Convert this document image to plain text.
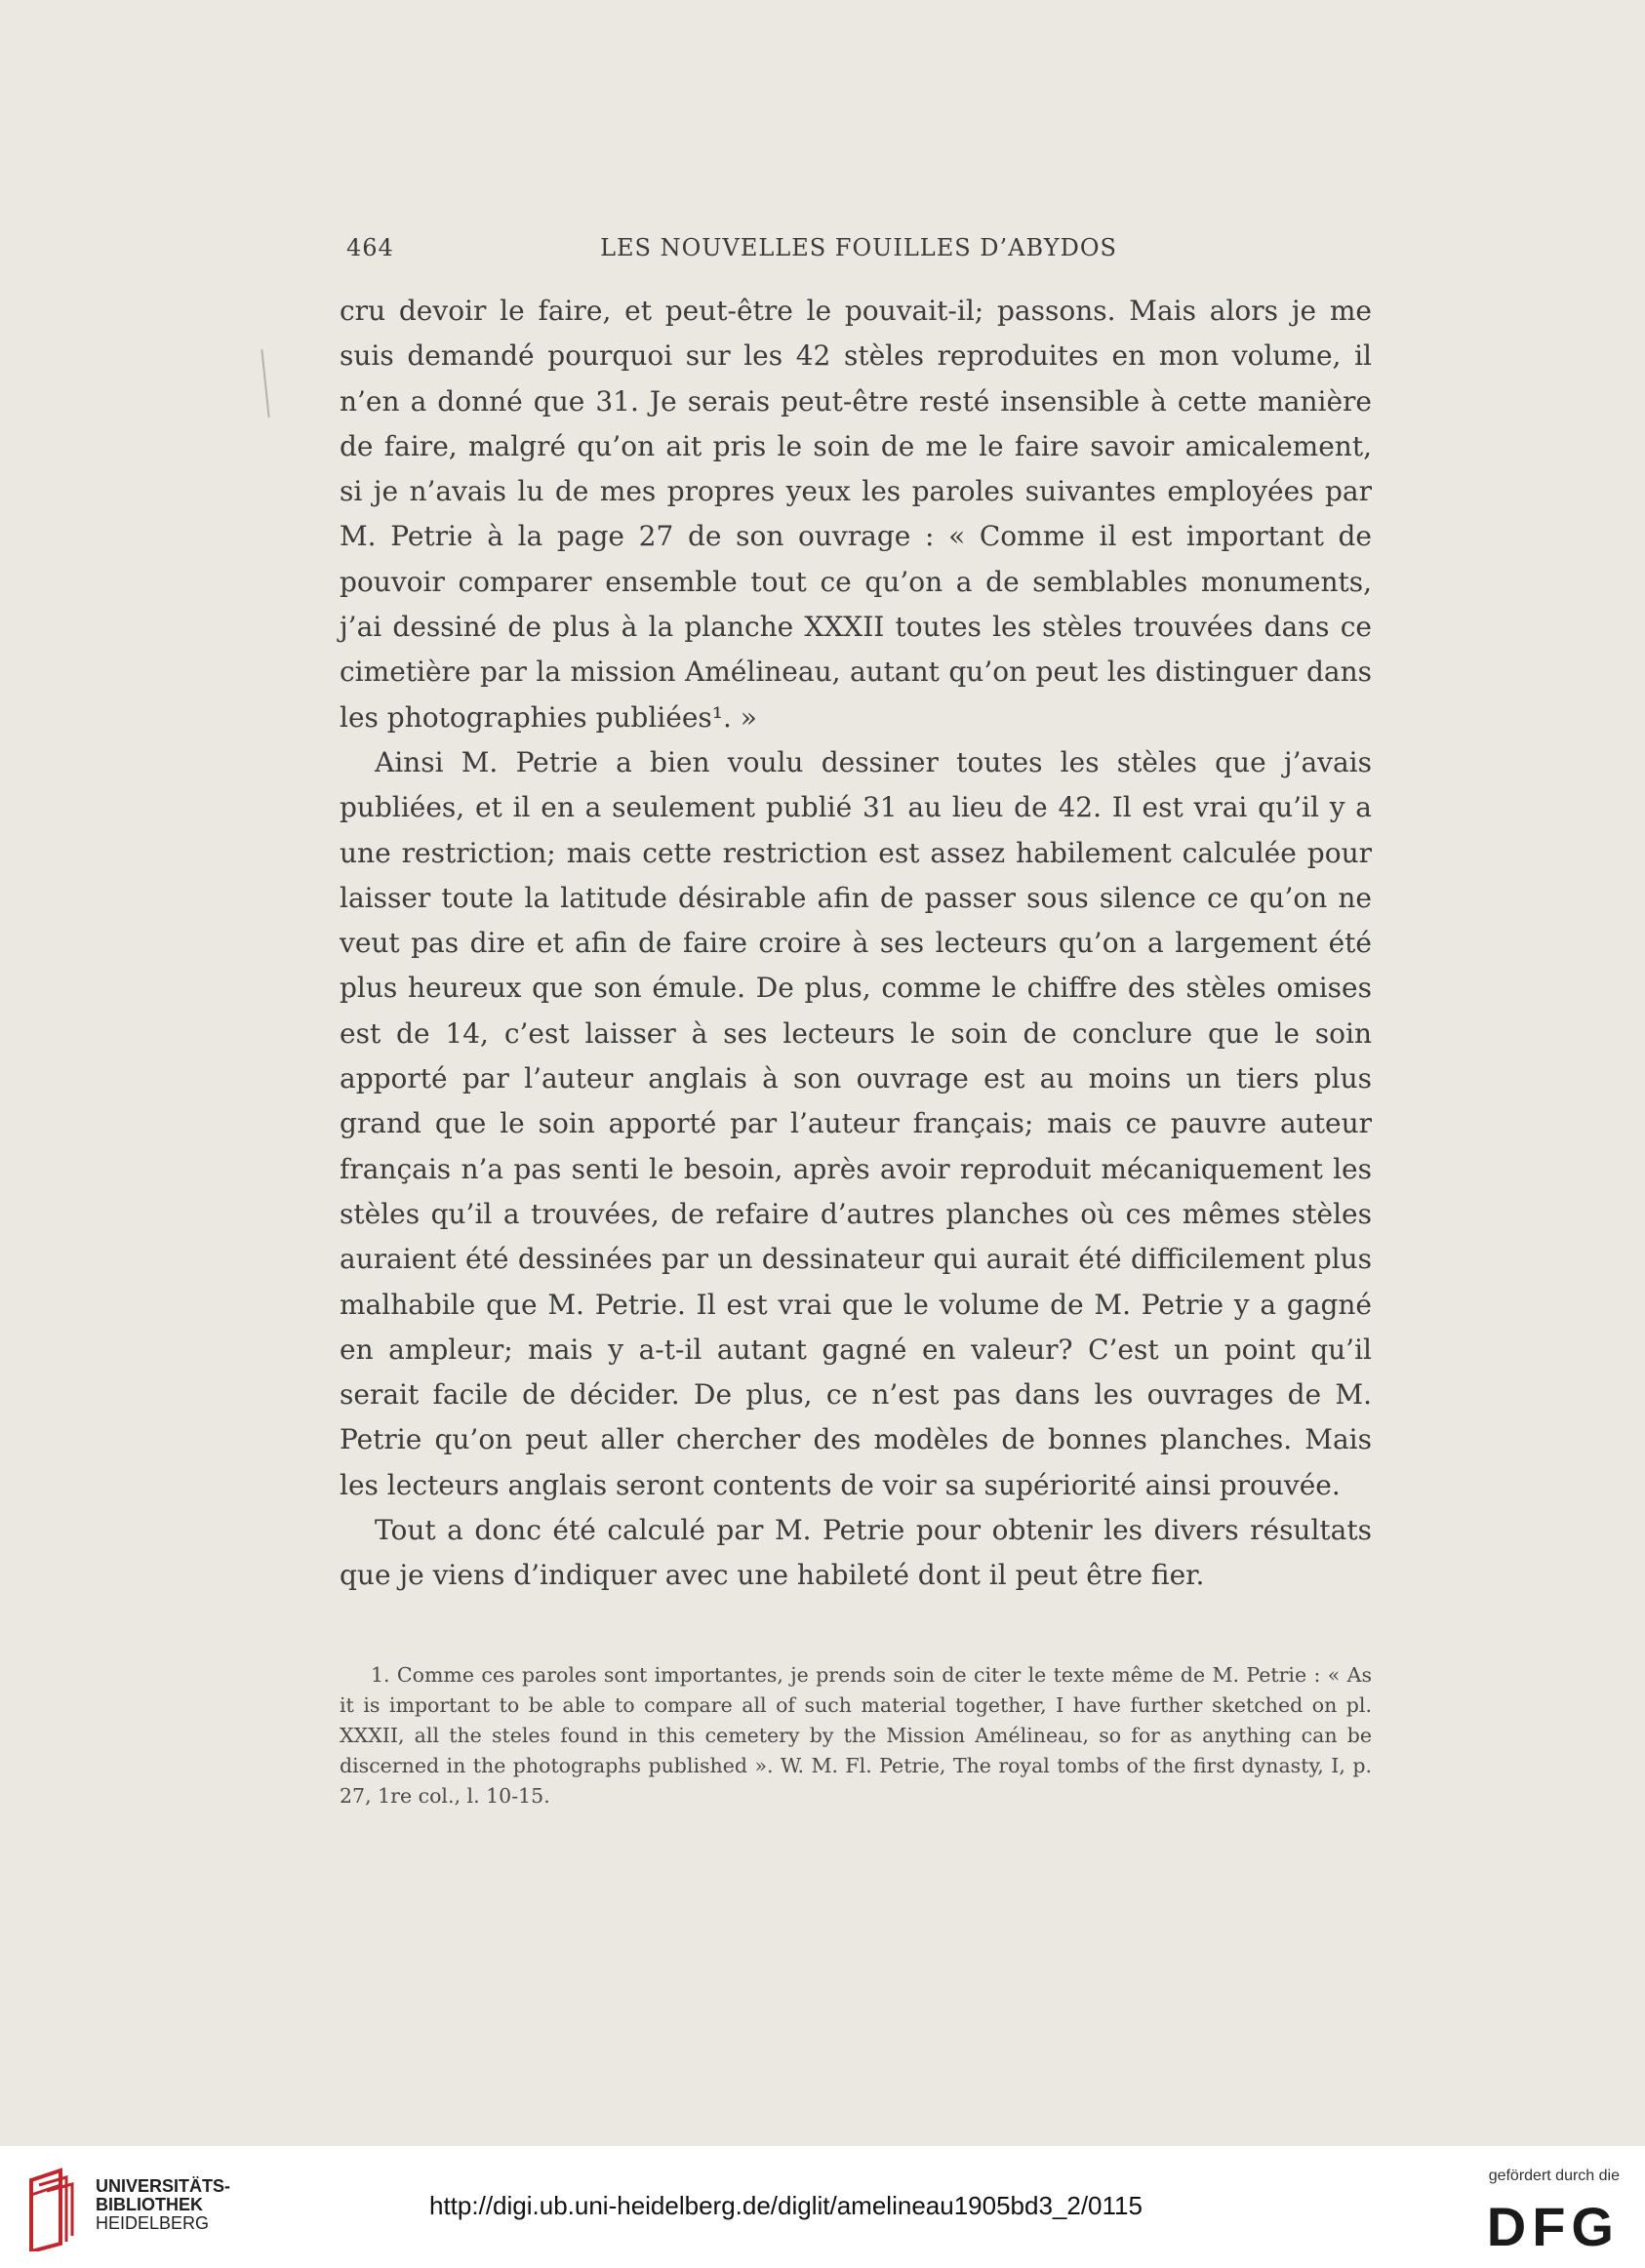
464	LES NOUVELLES FOUILLES D’ABYDOS

cru devoir le faire, et peut-être le pouvait-il; passons. Mais alors je me suis demandé pourquoi sur les 42 stèles reproduites en mon volume, il n’en a donné que 31. Je serais peut-être resté insensible à cette manière de faire, malgré qu’on ait pris le soin de me le faire savoir amicalement, si je n’avais lu de mes propres yeux les paroles suivantes employées par M. Petrie à la page 27 de son ouvrage : « Comme il est important de pouvoir comparer ensemble tout ce qu’on a de semblables monuments, j’ai dessiné de plus à la planche XXXII toutes les stèles trouvées dans ce cimetière par la mission Amélineau, autant qu’on peut les distinguer dans les photographies publiées¹. »

Ainsi M. Petrie a bien voulu dessiner toutes les stèles que j’avais publiées, et il en a seulement publié 31 au lieu de 42. Il est vrai qu’il y a une restriction; mais cette restriction est assez habilement calculée pour laisser toute la latitude désirable afin de passer sous silence ce qu’on ne veut pas dire et afin de faire croire à ses lecteurs qu’on a largement été plus heureux que son émule. De plus, comme le chiffre des stèles omises est de 14, c’est laisser à ses lecteurs le soin de conclure que le soin apporté par l’auteur anglais à son ouvrage est au moins un tiers plus grand que le soin apporté par l’auteur français; mais ce pauvre auteur français n’a pas senti le besoin, après avoir reproduit mécaniquement les stèles qu’il a trouvées, de refaire d’autres planches où ces mêmes stèles auraient été dessinées par un dessinateur qui aurait été difficilement plus malhabile que M. Petrie. Il est vrai que le volume de M. Petrie y a gagné en ampleur; mais y a-t-il autant gagné en valeur? C’est un point qu’il serait facile de décider. De plus, ce n’est pas dans les ouvrages de M. Petrie qu’on peut aller chercher des modèles de bonnes planches. Mais les lecteurs anglais seront contents de voir sa supériorité ainsi prouvée.

Tout a donc été calculé par M. Petrie pour obtenir les divers résultats que je viens d’indiquer avec une habileté dont il peut être fier.

1. Comme ces paroles sont importantes, je prends soin de citer le texte même de M. Petrie : « As it is important to be able to compare all of such material together, I have further sketched on pl. XXXII, all the steles found in this cemetery by the Mission Amélineau, so for as anything can be discerned in the photographs published ». W. M. Fl. Petrie, The royal tombs of the first dynasty, I, p. 27, 1re col., l. 10-15.

UNIVERSITÄTS-
BIBLIOTHEK
HEIDELBERG
http://digi.ub.uni-heidelberg.de/diglit/amelineau1905bd3_2/0115
gefördert durch die
DFG
